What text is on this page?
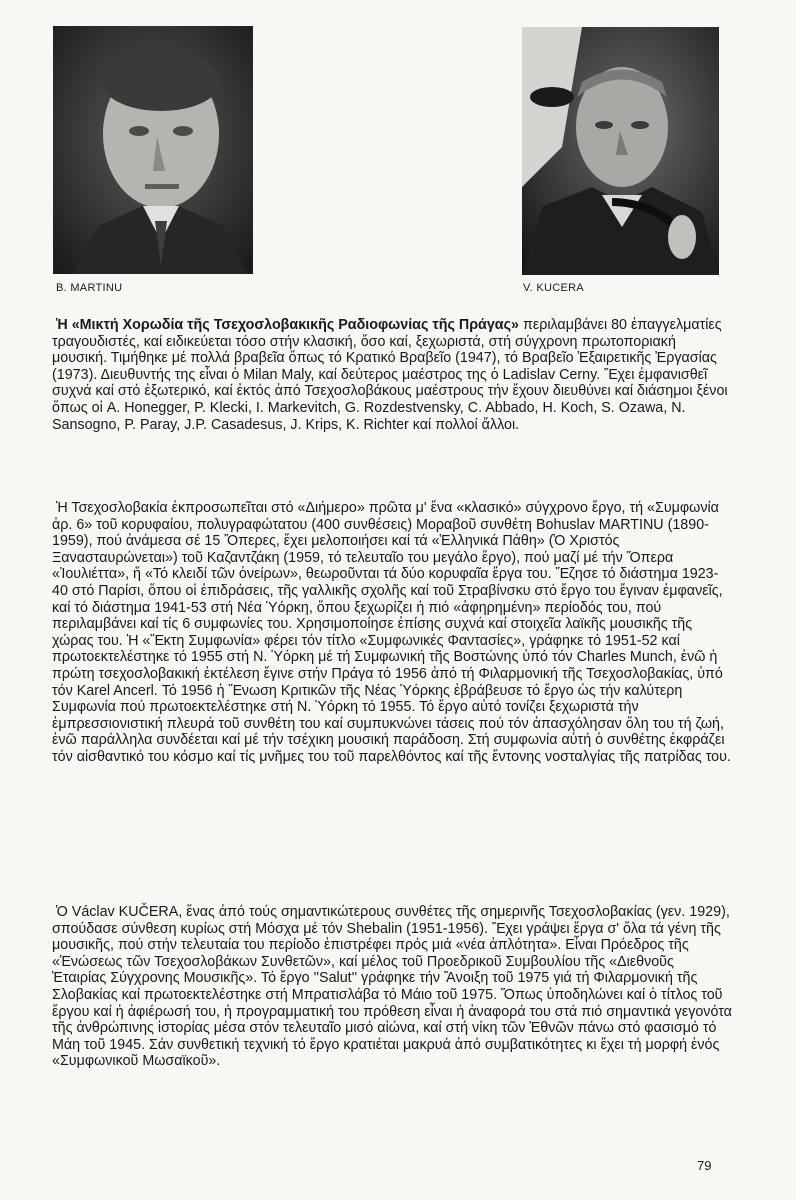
B. MARTINU	V. KUCERA

Ἡ «Μικτή Χορωδία τῆς Τσεχοσλοβακικῆς Ραδιοφωνίας τῆς Πράγας» περιλαμβάνει 80 ἐπαγγελματίες τραγουδιστές, καί ειδικεύεται τόσο στήν κλασική, ὅσο καί, ξεχωριστά, στή σύγχρονη πρωτοποριακή μουσική. Τιμήθηκε μέ πολλά βραβεῖα ὅπως τό Κρατικό Βραβεῖο (1947), τό Βραβεῖο Ἐξαιρετικῆς Ἐργασίας (1973). Διευθυντής της εἶναι ὁ Milan Maly, καί δεύτερος μαέστρος της ὁ Ladislav Cerny. Ἔχει ἐμφανισθεῖ συχνά καί στό ἐξωτερικό, καί ἐκτός ἀπό Τσεχοσλοβάκους μαέστρους τήν ἔχουν διευθύνει καί διάσημοι ξένοι ὅπως οἱ A. Honegger, P. Klecki, I. Markevitch, G. Rozdestvensky, C. Abbado, H. Koch, S. Ozawa, N. Sansogno, P. Paray, J.P. Casadesus, J. Krips, K. Richter καί πολλοί ἄλλοι.

Ἡ Τσεχοσλοβακία ἐκπροσωπεῖται στό «Διήμερο» πρῶτα μ' ἕνα «κλασικό» σύγχρονο ἔργο, τή «Συμφωνία ἀρ. 6» τοῦ κορυφαίου, πολυγραφώτατου (400 συνθέσεις) Μοραβοῦ συνθέτη Bohuslav MARTINU (1890-1959), πού ἀνάμεσα σέ 15 Ὄπερες, ἔχει μελοποιήσει καί τά «Ἑλληνικά Πάθη» (Ὁ Χριστός Ξανασταυρώνεται») τοῦ Καζαντζάκη (1959, τό τελευταῖο του μεγάλο ἔργο), πού μαζί μέ τήν Ὄπερα «Ἰουλιέττα», ἤ «Τό κλειδί τῶν ὀνείρων», θεωροῦνται τά δύο κορυφαῖα ἔργα του. Ἔζησε τό διάστημα 1923-40 στό Παρίσι, ὅπου οἱ ἐπιδράσεις, τῆς γαλλικῆς σχολῆς καί τοῦ Στραβίνσκυ στό ἔργο του ἔγιναν ἐμφανεῖς, καί τό διάστημα 1941-53 στή Νέα Ὑόρκη, ὅπου ξεχωρίζει ἡ πιό «ἀφηρημένη» περίοδός του, πού περιλαμβάνει καί τίς 6 συμφωνίες του. Χρησιμοποίησε ἐπίσης συχνά καί στοιχεῖα λαϊκῆς μουσικῆς τῆς χώρας του. Ἡ «Ἕκτη Συμφωνία» φέρει τόν τίτλο «Συμφωνικές Φαντασίες», γράφηκε τό 1951-52 καί πρωτοεκτελέστηκε τό 1955 στή Ν. Ὑόρκη μέ τή Συμφωνική τῆς Βοστώνης ὑπό τόν Charles Munch, ἐνῶ ἡ πρώτη τσεχοσλοβακική ἐκτέλεση ἔγινε στήν Πράγα τό 1956 ἀπό τή Φιλαρμονική τῆς Τσεχοσλοβακίας, ὑπό τόν Karel Ancerl. Τό 1956 ἡ Ἕνωση Κριτικῶν τῆς Νέας Ὑόρκης ἐβράβευσε τό ἔργο ὡς τήν καλύτερη Συμφωνία πού πρωτοεκτελέστηκε στή Ν. Ὑόρκη τό 1955. Τό ἔργο αὐτό τονίζει ξεχωριστά τήν ἐμπρεσσιονιστική πλευρά τοῦ συνθέτη του καί συμπυκνώνει τάσεις πού τόν ἀπασχόλησαν ὅλη του τή ζωή, ἐνῶ παράλληλα συνδέεται καί μέ τήν τσέχικη μουσική παράδοση. Στή συμφωνία αὐτή ὁ συνθέτης ἐκφράζει τόν αἰσθαντικό του κόσμο καί τίς μνῆμες του τοῦ παρελθόντος καί τῆς ἔντονης νοσταλγίας τῆς πατρίδας του.

Ὁ Václav KUČERA, ἕνας ἀπό τούς σημαντικώτερους συνθέτες τῆς σημερινῆς Τσεχοσλοβακίας (γεν. 1929), σπούδασε σύνθεση κυρίως στή Μόσχα μέ τόν Shebalin (1951-1956). Ἔχει γράψει ἔργα σ' ὅλα τά γένη τῆς μουσικῆς, πού στήν τελευταία του περίοδο ἐπιστρέφει πρός μιά «νέα ἀπλότητα». Εἶναι Πρόεδρος τῆς «Ἑνώσεως τῶν Τσεχοσλοβάκων Συνθετῶν», καί μέλος τοῦ Προεδρικοῦ Συμβουλίου τῆς «Διεθνοῦς Ἑταιρίας Σύγχρονης Μουσικῆς». Τό ἔργο ''Salut'' γράφηκε τήν Ἄνοιξη τοῦ 1975 γιά τή Φιλαρμονική τῆς Σλοβακίας καί πρωτοεκτελέστηκε στή Μπρατισλάβα τό Μάιο τοῦ 1975. Ὅπως ὑποδηλώνει καί ὁ τίτλος τοῦ ἔργου καί ἡ ἀφιέρωσή του, ἡ προγραμματική του πρόθεση εἶναι ἡ ἀναφορά του στά πιό σημαντικά γεγονότα τῆς ἀνθρώπινης ἱστορίας μέσα στόν τελευταῖο μισό αἰώνα, καί στή νίκη τῶν Ἐθνῶν πάνω στό φασισμό τό Μάη τοῦ 1945. Σάν συνθετική τεχνική τό ἔργο κρατιέται μακρυά ἀπό συμβατικότητες κι ἔχει τή μορφή ἑνός «Συμφωνικοῦ Μωσαϊκοῦ».

79
